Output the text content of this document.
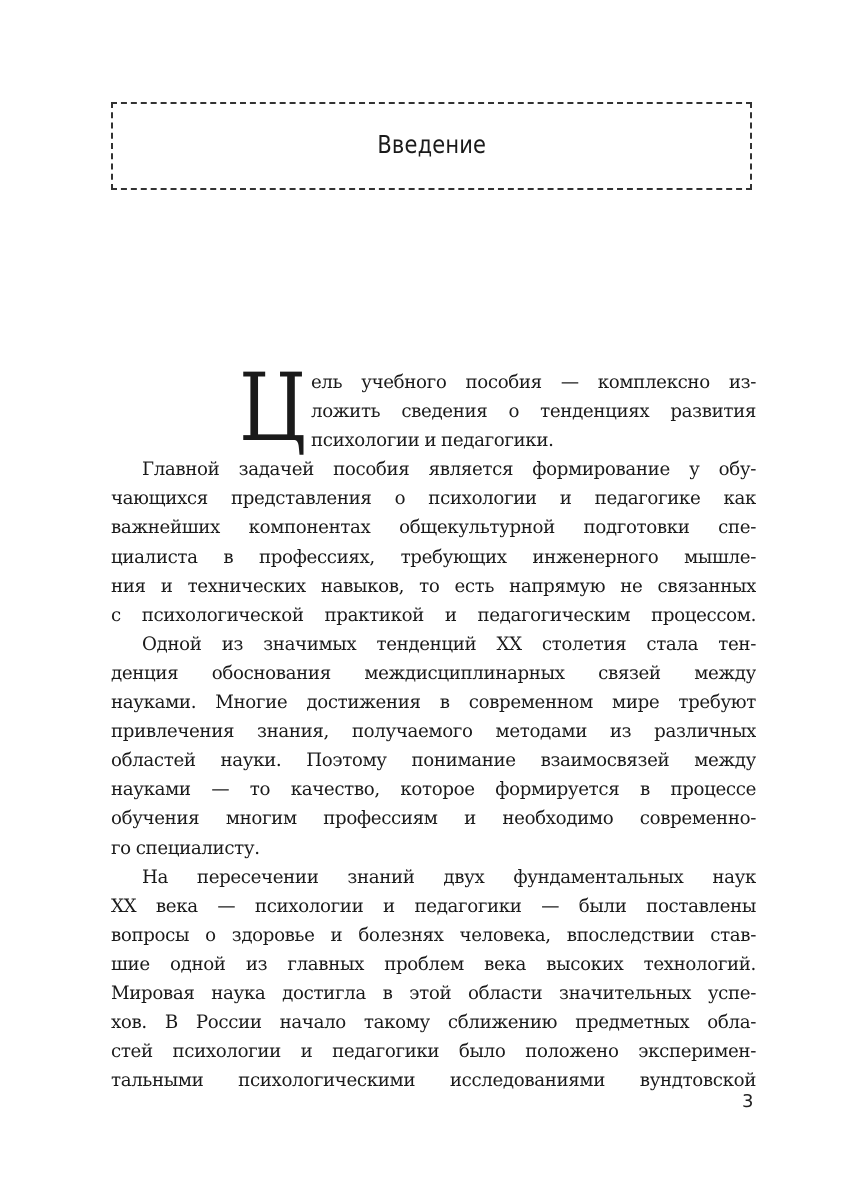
Введение
Ц ель учебного пособия — комплексно из-
ложить сведения о тенденциях развития
психологии и педагогики.
Главной задачей пособия является формирование у обу-
чающихся представления о психологии и педагогике как
важнейших компонентах общекультурной подготовки спе-
циалиста в профессиях, требующих инженерного мышле-
ния и технических навыков, то есть напрямую не связанных
с психологической практикой и педагогическим процессом.
Одной из значимых тенденций XX столетия стала тен-
денция обоснования междисциплинарных связей между
науками. Многие достижения в современном мире требуют
привлечения знания, получаемого методами из различных
областей науки. Поэтому понимание взаимосвязей между
науками — то качество, которое формируется в процессе
обучения многим профессиям и необходимо современно-
го специалисту.
На пересечении знаний двух фундаментальных наук
XX века — психологии и педагогики — были поставлены
вопросы о здоровье и болезнях человека, впоследствии став-
шие одной из главных проблем века высоких технологий.
Мировая наука достигла в этой области значительных успе-
хов. В России начало такому сближению предметных обла-
стей психологии и педагогики было положено эксперимен-
тальными психологическими исследованиями вундтовской
3
